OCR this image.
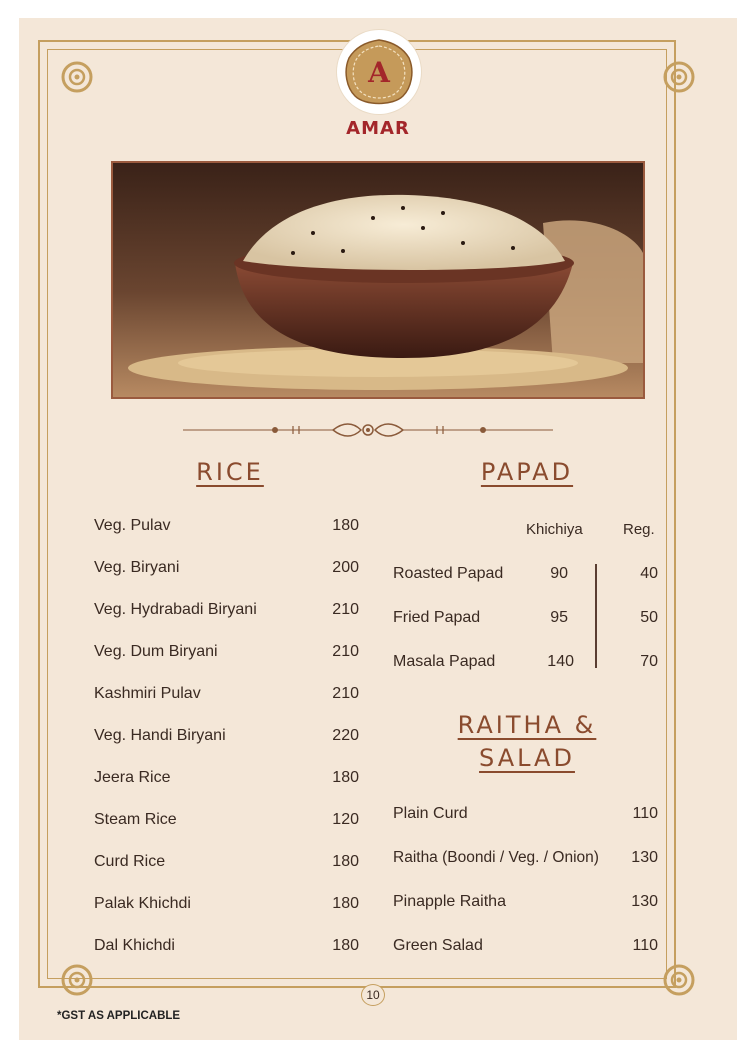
A
AMAR
RICE
Veg. Pulav	180
Veg. Biryani	200
Veg. Hydrabadi Biryani	210
Veg. Dum Biryani	210
Kashmiri Pulav	210
Veg. Handi Biryani	220
Jeera Rice	180
Steam Rice	120
Curd Rice	180
Palak Khichdi	180
Dal Khichdi	180
PAPAD
Khichiya	Reg.
Roasted Papad	90	40
Fried Papad	95	50
Masala Papad	140	70
RAITHA &
SALAD
Plain Curd	110
Raitha (Boondi / Veg. / Onion)	130
Pinapple Raitha	130
Green Salad	110
10
*GST AS APPLICABLE
